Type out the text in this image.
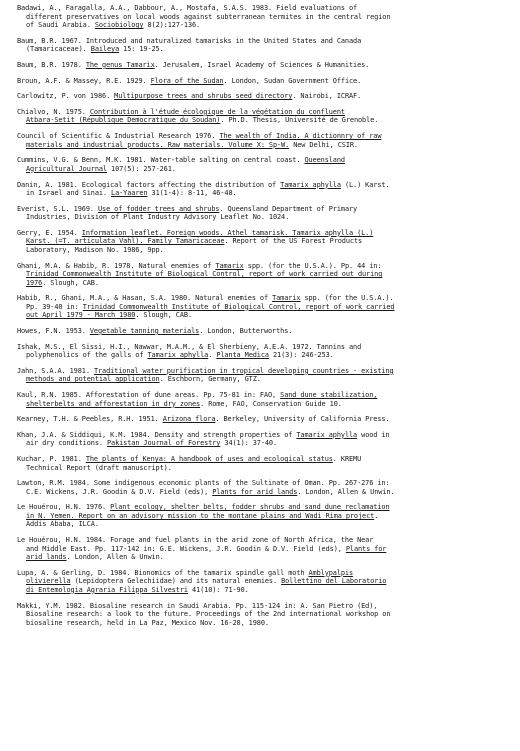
Badawi, A., Faragalla, A.A., Dabbour, A., Mostafa, S.A.S. 1983. Field evaluations of
different preservatives on local woods against subterranean termites in the central region
of Saudi Arabia. Sociobiology 8(2):127-136.
Baum, B.R. 1967. Introduced and naturalized tamarisks in the United States and Canada
(Tamaricaceae). Baileya 15: 19-25.
Baum, B.R. 1978. The genus Tamarix. Jerusalem, Israel Academy of Sciences & Humanities.
Broun, A.F. & Massey, R.E. 1929. Flora of the Sudan. London, Sudan Government Office.
Carlowitz, P. von 1986. Multipurpose trees and shrubs seed directory. Nairobi, ICRAF.
Chialvo, N. 1975. Contribution à l'étude écologique de la végétation du confluent
Atbara-Setit (République Democratique du Soudan). Ph.D. Thesis, Université de Grenoble.
Council of Scientific & Industrial Research 1976. The wealth of India. A dictionnry of raw
materials and industrial products. Raw materials. Volume X: Sp-W. New Delhi, CSIR.
Cummins, V.G. & Benn, M.K. 1981. Water-table salting on central coast. Queensland
Agricultural Journal 107(5): 257-261.
Danin, A. 1981. Ecological factors affecting the distribution of Tamarix aphylla (L.) Karst.
in Israel and Sinai. La-Yaaren 31(1-4): 8-11, 46-48.
Everist, S.L. 1969. Use of fodder trees and shrubs. Queensland Department of Primary
Industries, Division of Plant Industry Advisory Leaflet No. 1024.
Gerry, E. 1954. Information leaflet. Foreign woods. Athel tamarisk. Tamarix aphylla (L.)
Karst. (=T. articulata Vahl). Family Tamaricaceae. Report of the US Forest Products
Laboratory, Madison No. 1986, 9pp.
Ghani, M.A. & Habib, R. 1978. Natural enemies of Tamarix spp. (for the U.S.A.). Pp. 44 in:
Trinidad Commonwealth Institute of Biological Control, report of work carried out during
1976. Slough, CAB.
Habib, R., Ghani, M.A., & Hasan, S.A. 1980. Natural enemies of Tamarix spp. (for the U.S.A.).
Pp. 39-40 in: Trinidad Commonwealth Institute of Biological Control, report of work carried
out April 1979 - March 1980. Slough, CAB.
Howes, F.N. 1953. Vegetable tanning materials. London, Butterworths.
Ishak, M.S., El Sissi, H.I., Nawwar, M.A.M., & El Sherbieny, A.E.A. 1972. Tannins and
polyphenolics of the galls of Tamarix aphylla. Planta Medica 21(3): 246-253.
Jahn, S.A.A. 1981. Traditional water purification in tropical developing countries - existing
methods and potential application. Eschborn, Germany, GTZ.
Kaul, R.N. 1985. Afforestation of dune areas. Pp. 75-81 in: FAO, Sand dune stabilization,
shelterbelts and afforestation in dry zones. Rome, FAO, Conservation Guide 10.
Kearney, T.H. & Peebles, R.H. 1951. Arizona flora. Berkeley, University of California Press.
Khan, J.A. & Siddiqui, K.M. 1984. Density and strength properties of Tamarix aphylla wood in
air dry conditions. Pakistan Journal of Forestry 34(1): 37-40.
Kuchar, P. 1981. The plants of Kenya: A handbook of uses and ecological status. KREMU
Technical Report (draft manuscript).
Lawton, R.M. 1984. Some indigenous economic plants of the Sultinate of Oman. Pp. 267-276 in:
C.E. Wickens, J.R. Goodin & D.V. Field (eds), Plants for arid lands. London, Allen & Unwin.
Le Houérou, H.N. 1976. Plant ecology, shelter belts, fodder shrubs and sand dune reclamation
in N. Yemen. Report on an advisory mission to the montane plains and Wadi Rima project.
Addis Ababa, ILCA.
Le Houérou, H.N. 1984. Forage and fuel plants in the arid zone of North Africa, the Near
and Middle East. Pp. 117-142 in: G.E. Wickens, J.R. Goodin & D.V. Field (eds), Plants for
arid lands. London, Allen & Unwin.
Lupa, A. & Gerling, D. 1984. Bionomics of the tamarix spindle gall moth Amblypalpis
olivierella (Lepidoptera Gelechiidae) and its natural enemies. Bollettino del Laboratorio
di Entemologia Agraria Filippa Silvestri 41(10): 71-90.
Makki, Y.M. 1982. Biosaline research in Saudi Arabia. Pp. 115-124 in: A. San Pietro (Ed),
Biosaline research: a look to the future. Proceedings of the 2nd international workshop on
biosaline research, held in La Paz, Mexico Nov. 16-20, 1980.
